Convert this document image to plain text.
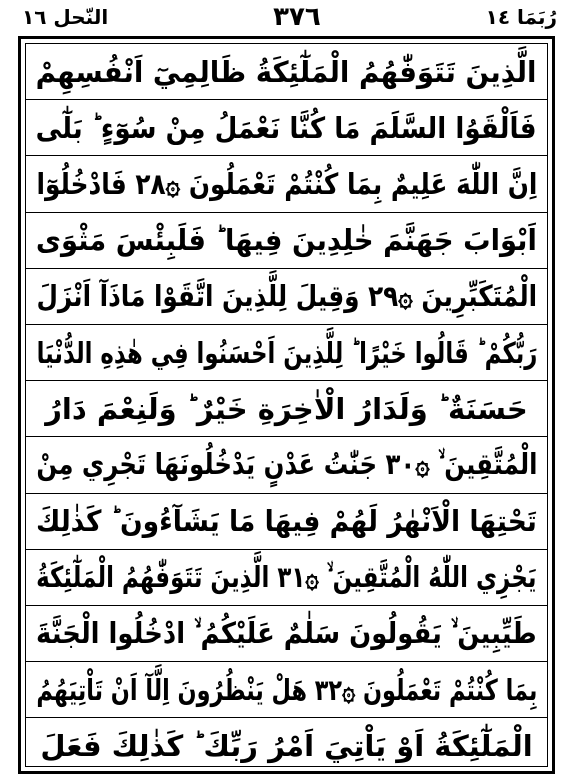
النّحل ١٦	٣٧٦	رُبَمَا ١٤
الَّذِينَ تَتَوَفّٰهُمُ الْمَلٰٓئِكَةُ ظَالِمِيٓ اَنْفُسِهِمْ
فَاَلْقَوُا السَّلَمَ مَا كُنَّا نَعْمَلُ مِنْ سُوٓءٍ ؕ بَلٰٓى
اِنَّ اللّٰهَ عَلِيمٌ بِمَا كُنْتُمْ تَعْمَلُونَ ۞٢٨ فَادْخُلُوٓا
اَبْوَابَ جَهَنَّمَ خٰلِدِينَ فِيهَا ؕ فَلَبِئْسَ مَثْوَى
الْمُتَكَبِّرِينَ ۞٢٩ وَقِيلَ لِلَّذِينَ اتَّقَوْا مَاذَآ اَنْزَلَ
رَبُّكُمْ ؕ قَالُوا خَيْرًا ؕ لِلَّذِينَ اَحْسَنُوا فِي هٰذِهِ الدُّنْيَا
حَسَنَةٌ ؕ وَلَدَارُ الْاٰخِرَةِ خَيْرٌ ؕ وَلَنِعْمَ دَارُ
الْمُتَّقِينَ ۙ ۞٣٠ جَنّٰتُ عَدْنٍ يَدْخُلُونَهَا تَجْرِي مِنْ
تَحْتِهَا الْاَنْهٰرُ لَهُمْ فِيهَا مَا يَشَآءُونَ ؕ كَذٰلِكَ
يَجْزِي اللّٰهُ الْمُتَّقِينَ ۙ ۞٣١ الَّذِينَ تَتَوَفّٰهُمُ الْمَلٰٓئِكَةُ
طَيِّبِينَ ۙ يَقُولُونَ سَلٰمٌ عَلَيْكُمُ ۙ ادْخُلُوا الْجَنَّةَ
بِمَا كُنْتُمْ تَعْمَلُونَ ۞٣٢ هَلْ يَنْظُرُونَ اِلَّآ اَنْ تَاْتِيَهُمُ
الْمَلٰٓئِكَةُ اَوْ يَاْتِيَ اَمْرُ رَبِّكَ ؕ كَذٰلِكَ فَعَلَ
